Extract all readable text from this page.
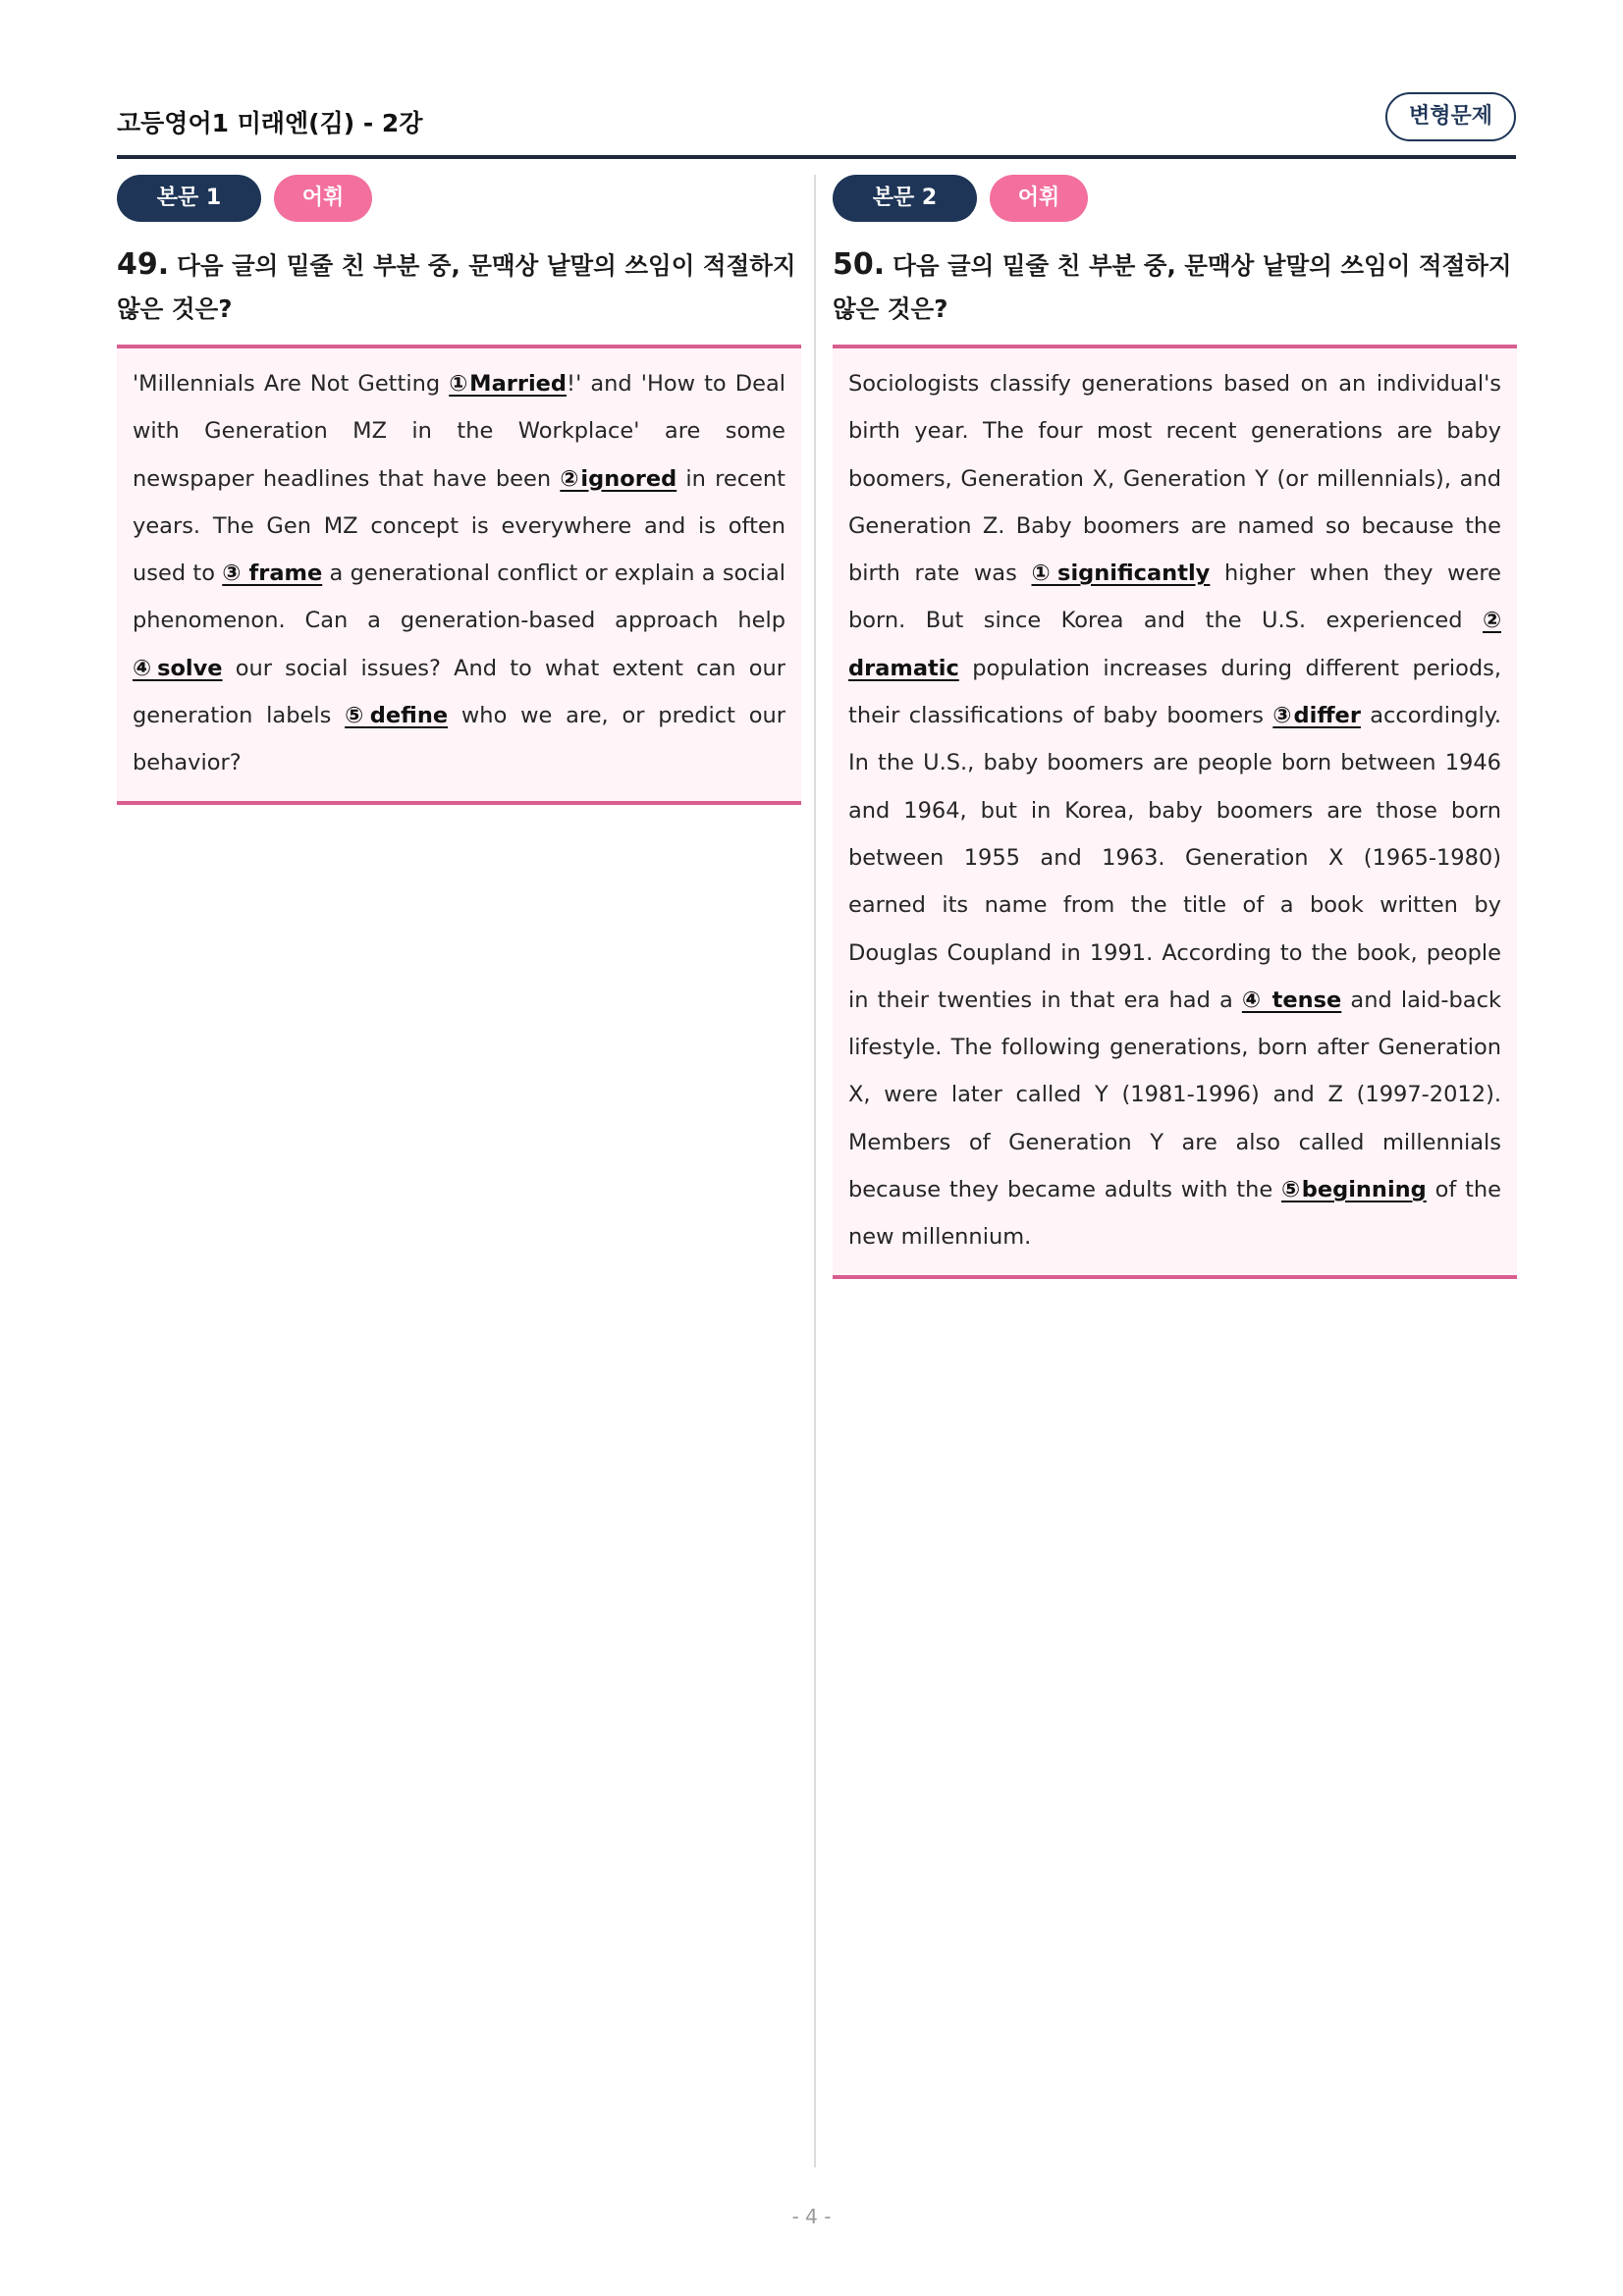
고등영어1 미래엔(김) - 2강	변형문제
본문 1	어휘
49. 다음 글의 밑줄 친 부분 중, 문맥상 낱말의 쓰임이 적절하지 않은 것은?
'Millennials Are Not Getting ①Married!' and 'How to Deal with Generation MZ in the Workplace' are some newspaper headlines that have been ②ignored in recent years. The Gen MZ concept is everywhere and is often used to ③ frame a generational conflict or explain a social phenomenon. Can a generation-based approach help ④solve our social issues? And to what extent can our generation labels ⑤define who we are, or predict our behavior?
본문 2	어휘
50. 다음 글의 밑줄 친 부분 중, 문맥상 낱말의 쓰임이 적절하지 않은 것은?
Sociologists classify generations based on an individual's birth year. The four most recent generations are baby boomers, Generation X, Generation Y (or millennials), and Generation Z. Baby boomers are named so because the birth rate was ①significantly higher when they were born. But since Korea and the U.S. experienced ② dramatic population increases during different periods, their classifications of baby boomers ③differ accordingly. In the U.S., baby boomers are people born between 1946 and 1964, but in Korea, baby boomers are those born between 1955 and 1963. Generation X (1965-1980) earned its name from the title of a book written by Douglas Coupland in 1991. According to the book, people in their twenties in that era had a ④ tense and laid-back lifestyle. The following generations, born after Generation X, were later called Y (1981-1996) and Z (1997-2012). Members of Generation Y are also called millennials because they became adults with the ⑤beginning of the new millennium.
- 4 -
